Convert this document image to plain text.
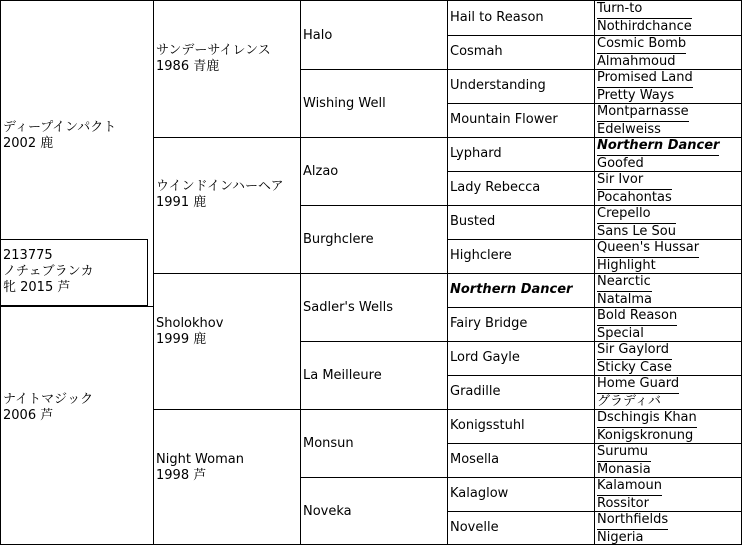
ディープインパクト
2002 鹿
ナイトマジック
2006 芦
213775
ノチェブランカ
牝 2015 芦
サンデーサイレンス
1986 青鹿
ウインドインハーヘア
1991 鹿
Sholokhov
1999 鹿
Night Woman
1998 芦
Halo
Wishing Well
Alzao
Burghclere
Sadler's Wells
La Meilleure
Monsun
Noveka
Hail to Reason
Cosmah
Understanding
Mountain Flower
Lyphard
Lady Rebecca
Busted
Highclere
Northern Dancer
Fairy Bridge
Lord Gayle
Gradille
Konigsstuhl
Mosella
Kalaglow
Novelle
Turn-to
Nothirdchance
Cosmic Bomb
Almahmoud
Promised Land
Pretty Ways
Montparnasse
Edelweiss
Northern Dancer
Goofed
Sir Ivor
Pocahontas
Crepello
Sans Le Sou
Queen's Hussar
Highlight
Nearctic
Natalma
Bold Reason
Special
Sir Gaylord
Sticky Case
Home Guard
グラディバ
Dschingis Khan
Konigskronung
Surumu
Monasia
Kalamoun
Rossitor
Northfields
Nigeria
